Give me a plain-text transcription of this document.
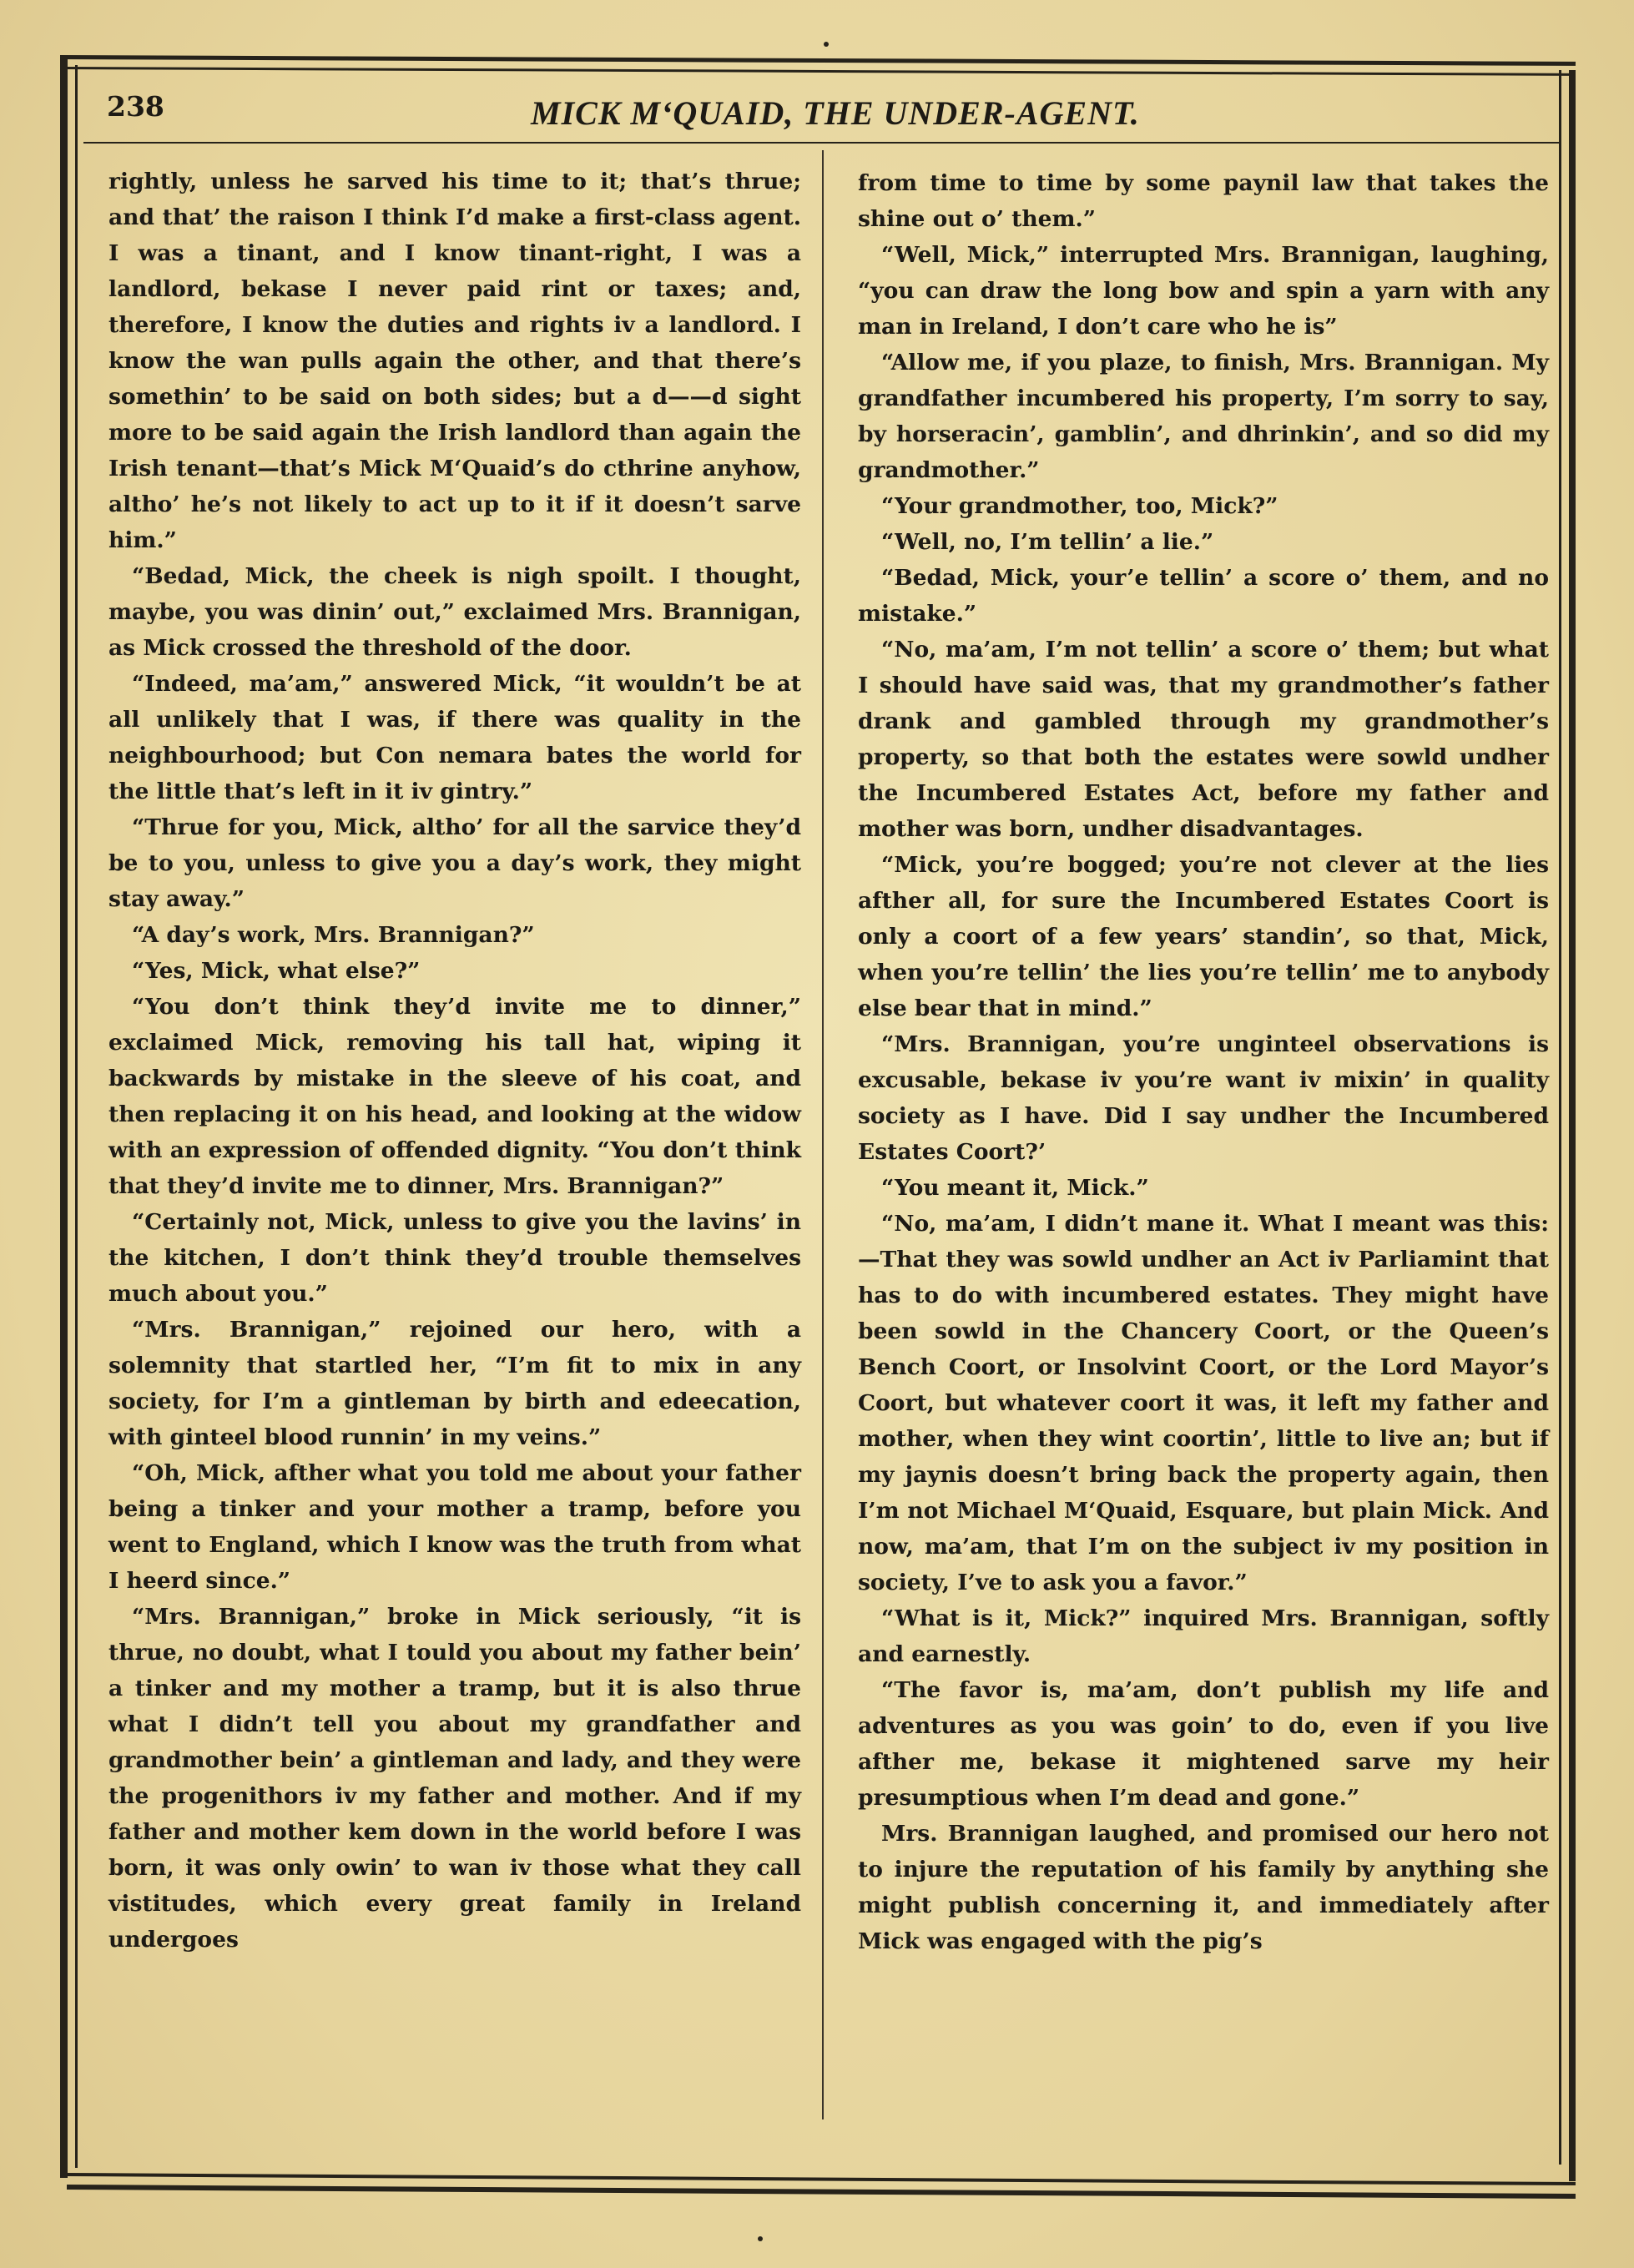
238	MICK M‘QUAID, THE UNDER-AGENT.

rightly, unless he sarved his time to it; that’s thrue; and that’ the raison I think I’d make a first-class agent. I was a tinant, and I know tinant-right, I was a landlord, bekase I never paid rint or taxes; and, therefore, I know the duties and rights iv a landlord. I know the wan pulls again the other, and that there’s somethin’ to be said on both sides; but a d——d sight more to be said again the Irish landlord than again the Irish tenant—that’s Mick M‘Quaid’s do cthrine anyhow, altho’ he’s not likely to act up to it if it doesn’t sarve him.”

“Bedad, Mick, the cheek is nigh spoilt. I thought, maybe, you was dinin’ out,” exclaimed Mrs. Brannigan, as Mick crossed the threshold of the door.

“Indeed, ma’am,” answered Mick, “it wouldn’t be at all unlikely that I was, if there was quality in the neighbourhood; but Con nemara bates the world for the little that’s left in it iv gintry.”

“Thrue for you, Mick, altho’ for all the sarvice they’d be to you, unless to give you a day’s work, they might stay away.”

“A day’s work, Mrs. Brannigan?”

“Yes, Mick, what else?”

“You don’t think they’d invite me to dinner,” exclaimed Mick, removing his tall hat, wiping it backwards by mistake in the sleeve of his coat, and then replacing it on his head, and looking at the widow with an expression of offended dignity. “You don’t think that they’d invite me to dinner, Mrs. Brannigan?”

“Certainly not, Mick, unless to give you the lavins’ in the kitchen, I don’t think they’d trouble themselves much about you.”

“Mrs. Brannigan,” rejoined our hero, with a solemnity that startled her, “I’m fit to mix in any society, for I’m a gintleman by birth and edeecation, with ginteel blood runnin’ in my veins.”

“Oh, Mick, afther what you told me about your father being a tinker and your mother a tramp, before you went to England, which I know was the truth from what I heerd since.”

“Mrs. Brannigan,” broke in Mick seriously, “it is thrue, no doubt, what I tould you about my father bein’ a tinker and my mother a tramp, but it is also thrue what I didn’t tell you about my grandfather and grandmother bein’ a gintleman and lady, and they were the progenithors iv my father and mother. And if my father and mother kem down in the world before I was born, it was only owin’ to wan iv those what they call vistitudes, which every great family in Ireland undergoes

from time to time by some paynil law that takes the shine out o’ them.”

“Well, Mick,” interrupted Mrs. Brannigan, laughing, “you can draw the long bow and spin a yarn with any man in Ireland, I don’t care who he is”

“Allow me, if you plaze, to finish, Mrs. Brannigan. My grandfather incumbered his property, I’m sorry to say, by horseracin’, gamblin’, and dhrinkin’, and so did my grandmother.”

“Your grandmother, too, Mick?”

“Well, no, I’m tellin’ a lie.”

“Bedad, Mick, your’e tellin’ a score o’ them, and no mistake.”

“No, ma’am, I’m not tellin’ a score o’ them; but what I should have said was, that my grandmother’s father drank and gambled through my grandmother’s property, so that both the estates were sowld undher the Incumbered Estates Act, before my father and mother was born, undher disadvantages.

“Mick, you’re bogged; you’re not clever at the lies afther all, for sure the Incumbered Estates Coort is only a coort of a few years’ standin’, so that, Mick, when you’re tellin’ the lies you’re tellin’ me to anybody else bear that in mind.”

“Mrs. Brannigan, you’re unginteel observations is excusable, bekase iv you’re want iv mixin’ in quality society as I have. Did I say undher the Incumbered Estates Coort?’

“You meant it, Mick.”

“No, ma’am, I didn’t mane it. What I meant was this:—That they was sowld undher an Act iv Parliamint that has to do with incumbered estates. They might have been sowld in the Chancery Coort, or the Queen’s Bench Coort, or Insolvint Coort, or the Lord Mayor’s Coort, but whatever coort it was, it left my father and mother, when they wint coortin’, little to live an; but if my jaynis doesn’t bring back the property again, then I’m not Michael M‘Quaid, Esquare, but plain Mick. And now, ma’am, that I’m on the subject iv my position in society, I’ve to ask you a favor.”

“What is it, Mick?” inquired Mrs. Brannigan, softly and earnestly.

“The favor is, ma’am, don’t publish my life and adventures as you was goin’ to do, even if you live afther me, bekase it mightened sarve my heir presumptious when I’m dead and gone.”

Mrs. Brannigan laughed, and promised our hero not to injure the reputation of his family by anything she might publish concerning it, and immediately after Mick was engaged with the pig’s
